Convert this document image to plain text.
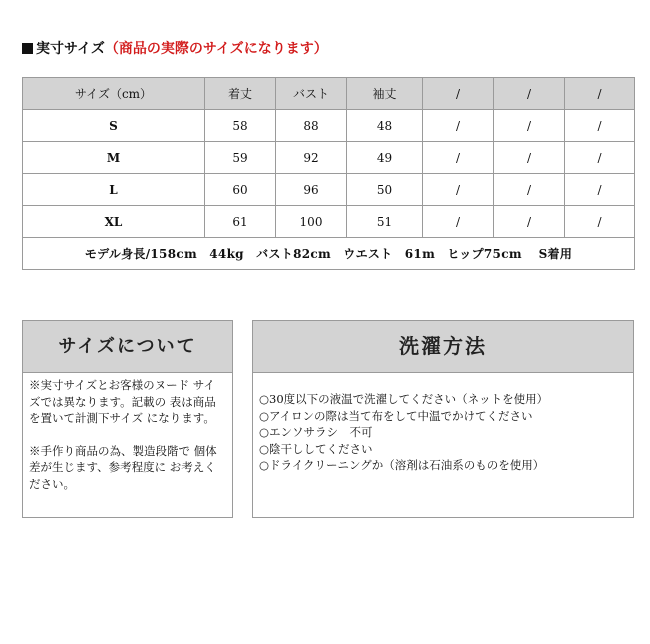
実寸サイズ（商品の実際のサイズになります）
サイズ（cm）	着丈	バスト	袖丈	/	/	/
S	58	88	48	/	/	/
M	59	92	49	/	/	/
L	60	96	50	/	/	/
XL	61	100	51	/	/	/
モデル身長/158cm　44kg　バスト82cm　ウエスト　61m　ヒップ75cm　 S着用						
サイズについて

※実寸サイズとお客様のヌード サイズでは異なります。記載の 表は商品を置いて計測下サイズ になります。

※手作り商品の為、製造段階で 個体差が生じます、参考程度に お考えください。

洗濯方法
○30度以下の液温で洗濯してください（ネットを使用）
○アイロンの際は当て布をして中温でかけてください
○エンソサラシ　不可
○陰干ししてください
○ドライクリーニングか（溶剤は石油系のものを使用）
